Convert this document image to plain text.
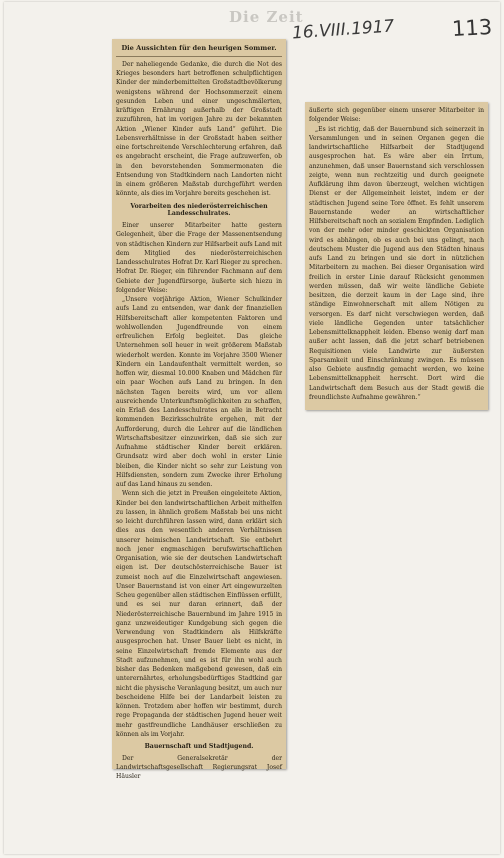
Die Zeit
16.VIII.1917	113
Die Aussichten für den heurigen Sommer.

Der naheliegende Gedanke, die durch die Not des Krieges besonders hart betroffenen schulpflichtigen Kinder der minderbemittelten Großstadtbevölkerung wenigstens während der Hochsommerzeit einem gesunden Leben und einer ungeschmälerten, kräftigen Ernährung außerhalb der Großstadt zuzuführen, hat im vorigen Jahre zu der bekannten Aktion „Wiener Kinder aufs Land“ geführt. Die Lebensverhältnisse in der Großstadt haben seither eine fortschreitende Verschlechterung erfahren, daß es angebracht erscheint, die Frage aufzuwerfen, ob in den bevorstehenden Sommermonaten die Entsendung von Stadtkindern nach Landorten nicht in einem größeren Maßstab durchgeführt werden könnte, als dies im Vorjahre bereits geschehen ist.

Vorarbeiten des niederösterreichischen Landesschulrates.

Einer unserer Mitarbeiter hatte gestern Gelegenheit, über die Frage der Massenentsendung von städtischen Kindern zur Hilfsarbeit aufs Land mit dem Mitglied des niederösterreichischen Landesschulrates Hofrat Dr. Karl Rieger zu sprechen. Hofrat Dr. Rieger, ein führender Fachmann auf dem Gebiete der Jugendfürsorge, äußerte sich hiezu in folgender Weise:

„Unsere vorjährige Aktion, Wiener Schulkinder aufs Land zu entsenden, war dank der finanziellen Hilfsbereitschaft aller kompetenten Faktoren und wohlwollenden Jugendfreunde von einem erfreulichen Erfolg begleitet. Das gleiche Unternehmen soll heuer in weit größerem Maßstab wiederholt werden. Konnte im Vorjahre 3500 Wiener Kindern ein Landaufenthalt vermittelt werden, so hoffen wir, diesmal 10.000 Knaben und Mädchen für ein paar Wochen aufs Land zu bringen. In den nächsten Tagen bereits wird, um vor allem ausreichende Unterkunftsmöglichkeiten zu schaffen, ein Erlaß des Landesschulrates an alle in Betracht kommenden Bezirksschulräte ergehen, mit der Aufforderung, durch die Lehrer auf die ländlichen Wirtschaftsbesitzer einzuwirken, daß sie sich zur Aufnahme städtischer Kinder bereit erklären. Grundsatz wird aber doch wohl in erster Linie bleiben, die Kinder nicht so sehr zur Leistung von Hilfsdiensten, sondern zum Zwecke ihrer Erholung auf das Land hinaus zu senden.

Wenn sich die jetzt in Preußen eingeleitete Aktion, Kinder bei den landwirtschaftlichen Arbeit mithelfen zu lassen, in ähnlich großem Maßstab bei uns nicht so leicht durchführen lassen wird, dann erklärt sich dies aus den wesentlich anderen Verhältnissen unserer heimischen Landwirtschaft. Sie entbehrt noch jener engmaschigen berufswirtschaftlichen Organisation, wie sie der deutschen Landwirtschaft eigen ist. Der deutschösterreichische Bauer ist zumeist noch auf die Einzelwirtschaft angewiesen. Unser Bauernstand ist von einer Art eingewurzelten Scheu gegenüber allen städtischen Einflüssen erfüllt, und es sei nur daran erinnert, daß der Niederösterreichische Bauernbund im Jahre 1915 in ganz unzweideutiger Kundgebung sich gegen die Verwendung von Stadtkindern als Hilfskräfte ausgesprochen hat. Unser Bauer liebt es nicht, in seine Einzelwirtschaft fremde Elemente aus der Stadt aufzunehmen, und es ist für ihn wohl auch bisher das Bedenken maßgebend gewesen, daß ein unterernährtes, erholungsbedürftiges Stadtkind gar nicht die physische Veranlagung besitzt, um auch nur bescheidene Hilfe bei der Landarbeit leisten zu können. Trotzdem aber hoffen wir bestimmt, durch rege Propaganda der städtischen Jugend heuer weit mehr gastfreundliche Landhäuser erschließen zu können als im Vorjahr.

Bauernschaft und Stadtjugend.

Der Generalsekretär der Landwirtschaftsgesellschaft Regierungsrat Josef Häusler

äußerte sich gegenüber einem unserer Mitarbeiter in folgender Weise:

„Es ist richtig, daß der Bauernbund sich seinerzeit in Versammlungen und in seinen Organen gegen die landwirtschaftliche Hilfsarbeit der Stadtjugend ausgesprochen hat. Es wäre aber ein Irrtum, anzunehmen, daß unser Bauernstand sich verschlossen zeigte, wenn nun rechtzeitig und durch geeignete Aufklärung ihm davon überzeugt, welchen wichtigen Dienst er der Allgemeinheit leistet, indem er der städtischen Jugend seine Tore öffnet. Es fehlt unserem Bauernstande weder an wirtschaftlicher Hilfsbereitschaft noch an sozialem Empfinden. Lediglich von der mehr oder minder geschickten Organisation wird es abhängen, ob es auch bei uns gelingt, nach deutschem Muster die Jugend aus den Städten hinaus aufs Land zu bringen und sie dort in nützlichen Mitarbeitern zu machen. Bei dieser Organisation wird freilich in erster Linie darauf Rücksicht genommen werden müssen, daß wir weite ländliche Gebiete besitzen, die derzeit kaum in der Lage sind, ihre ständige Einwohnerschaft mit allem Nötigen zu versorgen. Es darf nicht verschwiegen werden, daß viele ländliche Gegenden unter tatsächlicher Lebensmittelknappheit leiden. Ebenso wenig darf man außer acht lassen, daß die jetzt scharf betriebenen Requisitionen viele Landwirte zur äußersten Sparsamkeit und Einschränkung zwingen. Es müssen also Gebiete ausfindig gemacht werden, wo keine Lebensmittelknappheit herrscht. Dort wird die Landwirtschaft dem Besuch aus der Stadt gewiß die freundlichste Aufnahme gewähren.“
